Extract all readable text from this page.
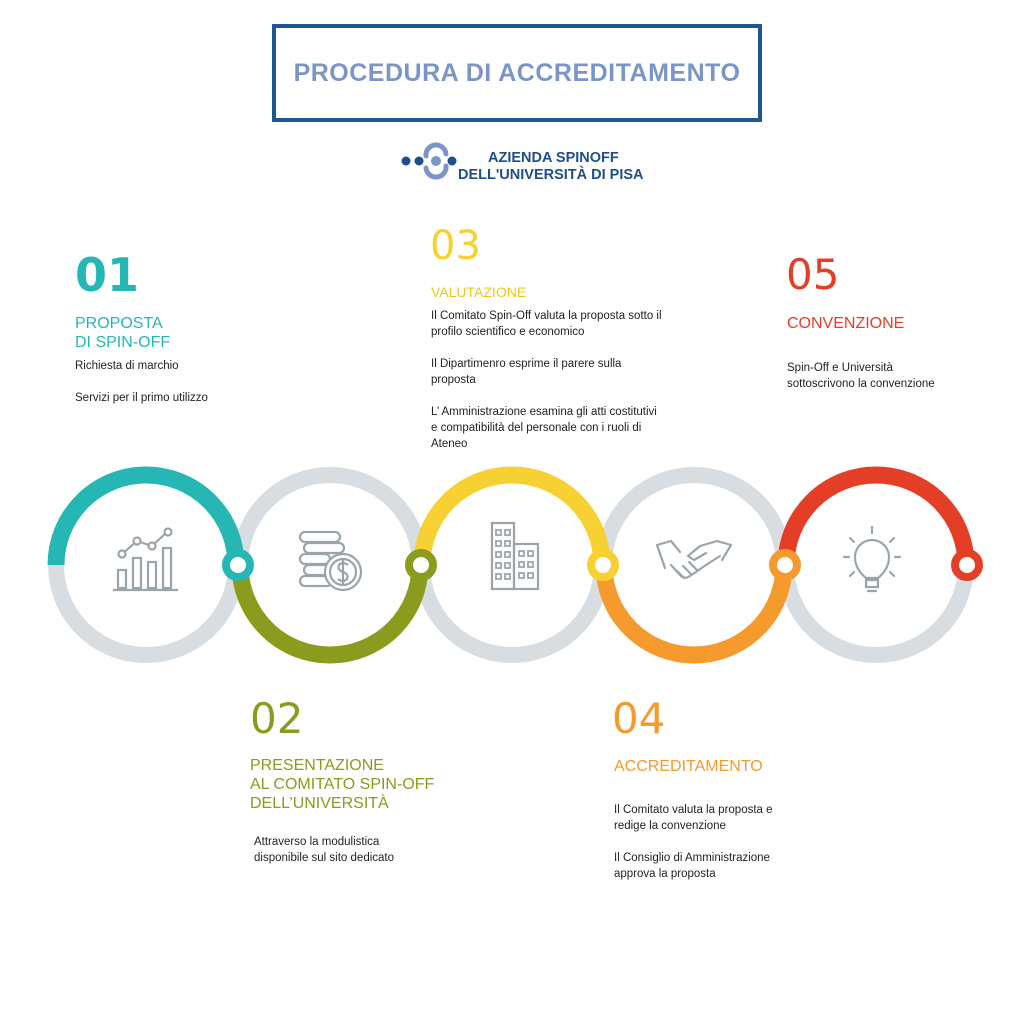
PROCEDURA DI ACCREDITAMENTO
AZIENDA SPINOFF
DELL'UNIVERSITÀ DI PISA
01
PROPOSTA
DI SPIN-OFF

Richiesta di marchio

Servizi per il primo utilizzo

03
VALUTAZIONE

Il Comitato Spin-Off valuta la proposta sotto il profilo scientifico e economico

Il Dipartimenro esprime il parere sulla proposta

L’ Amministrazione esamina gli atti costitutivi e compatibilità del personale con i ruoli di Ateneo

05
CONVENZIONE

Spin-Off e Università sottoscrivono la convenzione

02
PRESENTAZIONE
AL COMITATO SPIN-OFF
DELL’UNIVERSITÀ

Attraverso la modulistica disponibile sul sito dedicato

04
ACCREDITAMENTO

Il Comitato valuta la proposta e redige la convenzione

Il Consiglio di Amministrazione approva la proposta
